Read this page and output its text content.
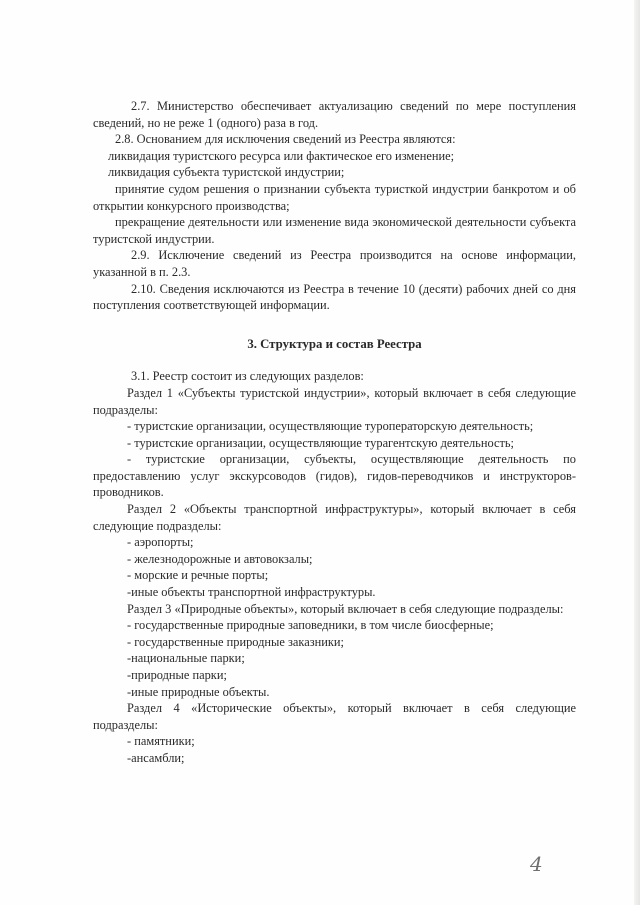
2.7. Министерство обеспечивает актуализацию сведений по мере поступления сведений, но не реже 1 (одного) раза в год.

2.8. Основанием для исключения сведений из Реестра являются:

ликвидация туристского ресурса или фактическое его изменение;

ликвидация субъекта туристской индустрии;

принятие судом решения о признании субъекта туристкой индустрии банкротом и об открытии конкурсного производства;

прекращение деятельности или изменение вида экономической деятельности субъекта туристской индустрии.

2.9. Исключение сведений из Реестра производится на основе информации, указанной в п. 2.3.

2.10. Сведения исключаются из Реестра в течение 10 (десяти) рабочих дней со дня поступления соответствующей информации.

3. Структура и состав Реестра

3.1. Реестр состоит из следующих разделов:

Раздел 1 «Субъекты туристской индустрии», который включает в себя следующие подразделы:

- туристские организации, осуществляющие туроператорскую деятельность;

- туристские организации, осуществляющие турагентскую деятельность;

- туристские организации, субъекты, осуществляющие деятельность по предоставлению услуг экскурсоводов (гидов), гидов-переводчиков и инструкторов-проводников.

Раздел 2 «Объекты транспортной инфраструктуры», который включает в себя следующие подразделы:

- аэропорты;

- железнодорожные и автовокзалы;

- морские и речные порты;

-иные объекты транспортной инфраструктуры.

Раздел 3 «Природные объекты», который включает в себя следующие подразделы:

- государственные природные заповедники, в том числе биосферные;

- государственные природные заказники;

-национальные парки;

-природные парки;

-иные природные объекты.

Раздел 4 «Исторические объекты», который включает в себя следующие подразделы:

- памятники;

-ансамбли;

4
